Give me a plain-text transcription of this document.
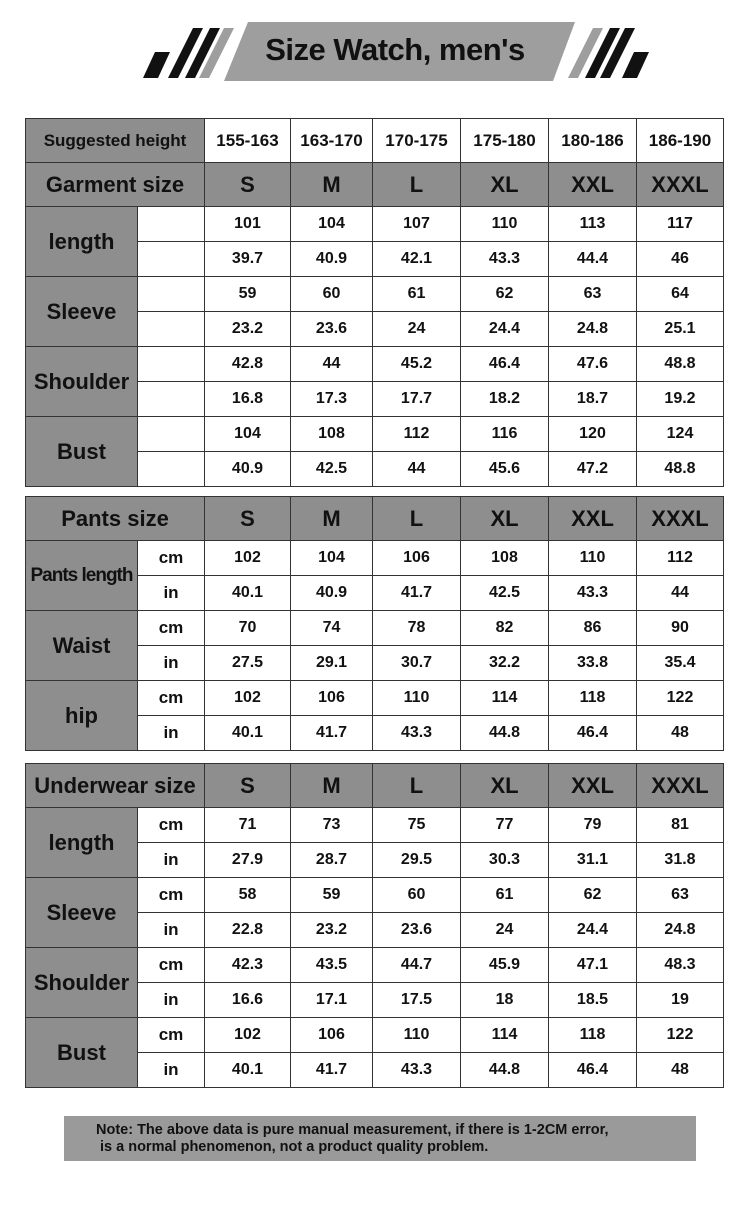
Size Watch, men's
Suggested height		155-163	163-170	170-175	175-180	180-186	186-190
Garment size		S	M	L	XL	XXL	XXXL
length		101	104	107	110	113	117
		39.7	40.9	42.1	43.3	44.4	46
Sleeve		59	60	61	62	63	64
		23.2	23.6	24	24.4	24.8	25.1
Shoulder		42.8	44	45.2	46.4	47.6	48.8
		16.8	17.3	17.7	18.2	18.7	19.2
Bust		104	108	112	116	120	124
		40.9	42.5	44	45.6	47.2	48.8
Pants size		S	M	L	XL	XXL	XXXL
Pants length	cm	102	104	106	108	110	112
	in	40.1	40.9	41.7	42.5	43.3	44
Waist	cm	70	74	78	82	86	90
	in	27.5	29.1	30.7	32.2	33.8	35.4
hip	cm	102	106	110	114	118	122
	in	40.1	41.7	43.3	44.8	46.4	48
Underwear size		S	M	L	XL	XXL	XXXL
length	cm	71	73	75	77	79	81
	in	27.9	28.7	29.5	30.3	31.1	31.8
Sleeve	cm	58	59	60	61	62	63
	in	22.8	23.2	23.6	24	24.4	24.8
Shoulder	cm	42.3	43.5	44.7	45.9	47.1	48.3
	in	16.6	17.1	17.5	18	18.5	19
Bust	cm	102	106	110	114	118	122
	in	40.1	41.7	43.3	44.8	46.4	48

Note: The above data is pure manual measurement, if there is 1-2CM error,

is a normal phenomenon, not a product quality problem.
